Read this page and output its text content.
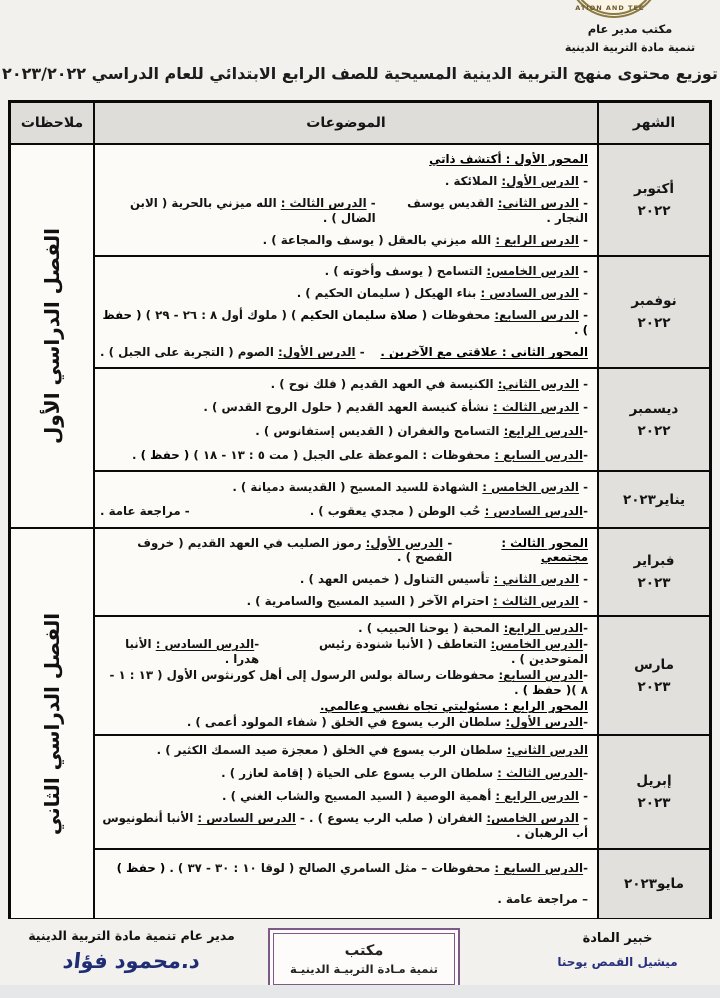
ATION AND TEC
مكتب مدير عام
تنمية مادة التربية الدينية
توزيع محتوى منهج التربية الدينية المسيحية للصف الرابع الابتدائي للعام الدراسي ٢٠٢٣/٢٠٢٢
الشهر
الموضوعات
ملاحظات
أكتوبر
٢٠٢٢
المحور الأول : أكتشف ذاتي
- الدرس الأول: الملائكة .
- الدرس الثاني: القديس يوسف النجار .
- الدرس الثالث : الله ميزني بالحرية ( الابن الضال ) .
- الدرس الرابع : الله ميزني بالعقل ( يوسف والمجاعة ) .
نوفمبر
٢٠٢٢
- الدرس الخامس: التسامح ( يوسف وأخوته ) .
- الدرس السادس : بناء الهيكل ( سليمان الحكيم ) .
- الدرس السابع: محفوظات ( صلاة سليمان الحكيم ) ( ملوك أول ٨ : ٢٦ - ٢٩ ) ( حفظ ) .
المحور الثاني : علاقتي مع الآخرين .
- الدرس الأول: الصوم ( التجربة على الجبل ) .
ديسمبر
٢٠٢٢
- الدرس الثاني: الكنيسة في العهد القديم ( فلك نوح ) .
- الدرس الثالث : نشأة كنيسة العهد القديم ( حلول الروح القدس ) .
-الدرس الرابع: التسامح والغفران ( القديس إستفانوس ) .
-الدرس السابع : محفوظات : الموعظة على الجبل ( مت ٥ : ١٣ - ١٨ ) ( حفظ ) .
يناير٢٠٢٣
- الدرس الخامس : الشهادة للسيد المسيح ( القديسة دميانة ) .
-الدرس السادس : حُب الوطن ( مجدي يعقوب ) .
- مراجعة عامة .
الفصل الدراسي الأول
فبراير
٢٠٢٣
المحور الثالث : مجتمعي
- الدرس الأول: رموز الصليب في العهد القديم ( خروف الفصح ) .
- الدرس الثاني : تأسيس التناول ( خميس العهد ) .
- الدرس الثالث : احترام الآخر ( السيد المسيح والسامرية ) .
مارس
٢٠٢٣
-الدرس الرابع: المحبة ( يوحنا الحبيب ) .
-الدرس الخامس: التعاطف ( الأنبا شنودة رئيس المتوحدين ) .
-الدرس السادس : الأنبا هدرا .
-الدرس السابع: محفوظات رسالة بولس الرسول إلى أهل كورنثوس الأول ( ١٣ : ١ - ٨ )( حفظ ) .
المحور الرابع : مسئوليتي تجاه نفسي وعالمي.
-الدرس الأول: سلطان الرب يسوع في الخلق ( شفاء المولود أعمى ) .
إبريل
٢٠٢٣
الدرس الثاني: سلطان الرب يسوع في الخلق ( معجزة صيد السمك الكثير ) .
-الدرس الثالث : سلطان الرب يسوع على الحياة ( إقامة لعازر ) .
- الدرس الرابع : أهمية الوصية ( السيد المسيح والشاب الغني ) .
- الدرس الخامس: الغفران ( صلب الرب يسوع ) . - الدرس السادس : الأنبا أنطونيوس أب الرهبان .
مايو٢٠٢٣
-الدرس السابع : محفوظات – مثل السامري الصالح ( لوقا ١٠ : ٣٠ - ٣٧ ) . ( حفظ )
– مراجعة عامة .
الفصل الدراسي الثاني
خبير المادة
ميشيل القمص يوحنا
مكتب
تنمية مـادة التربيـة الدينيـة
مدير عام تنمية مادة التربية الدينية
د.محمود فؤاد
